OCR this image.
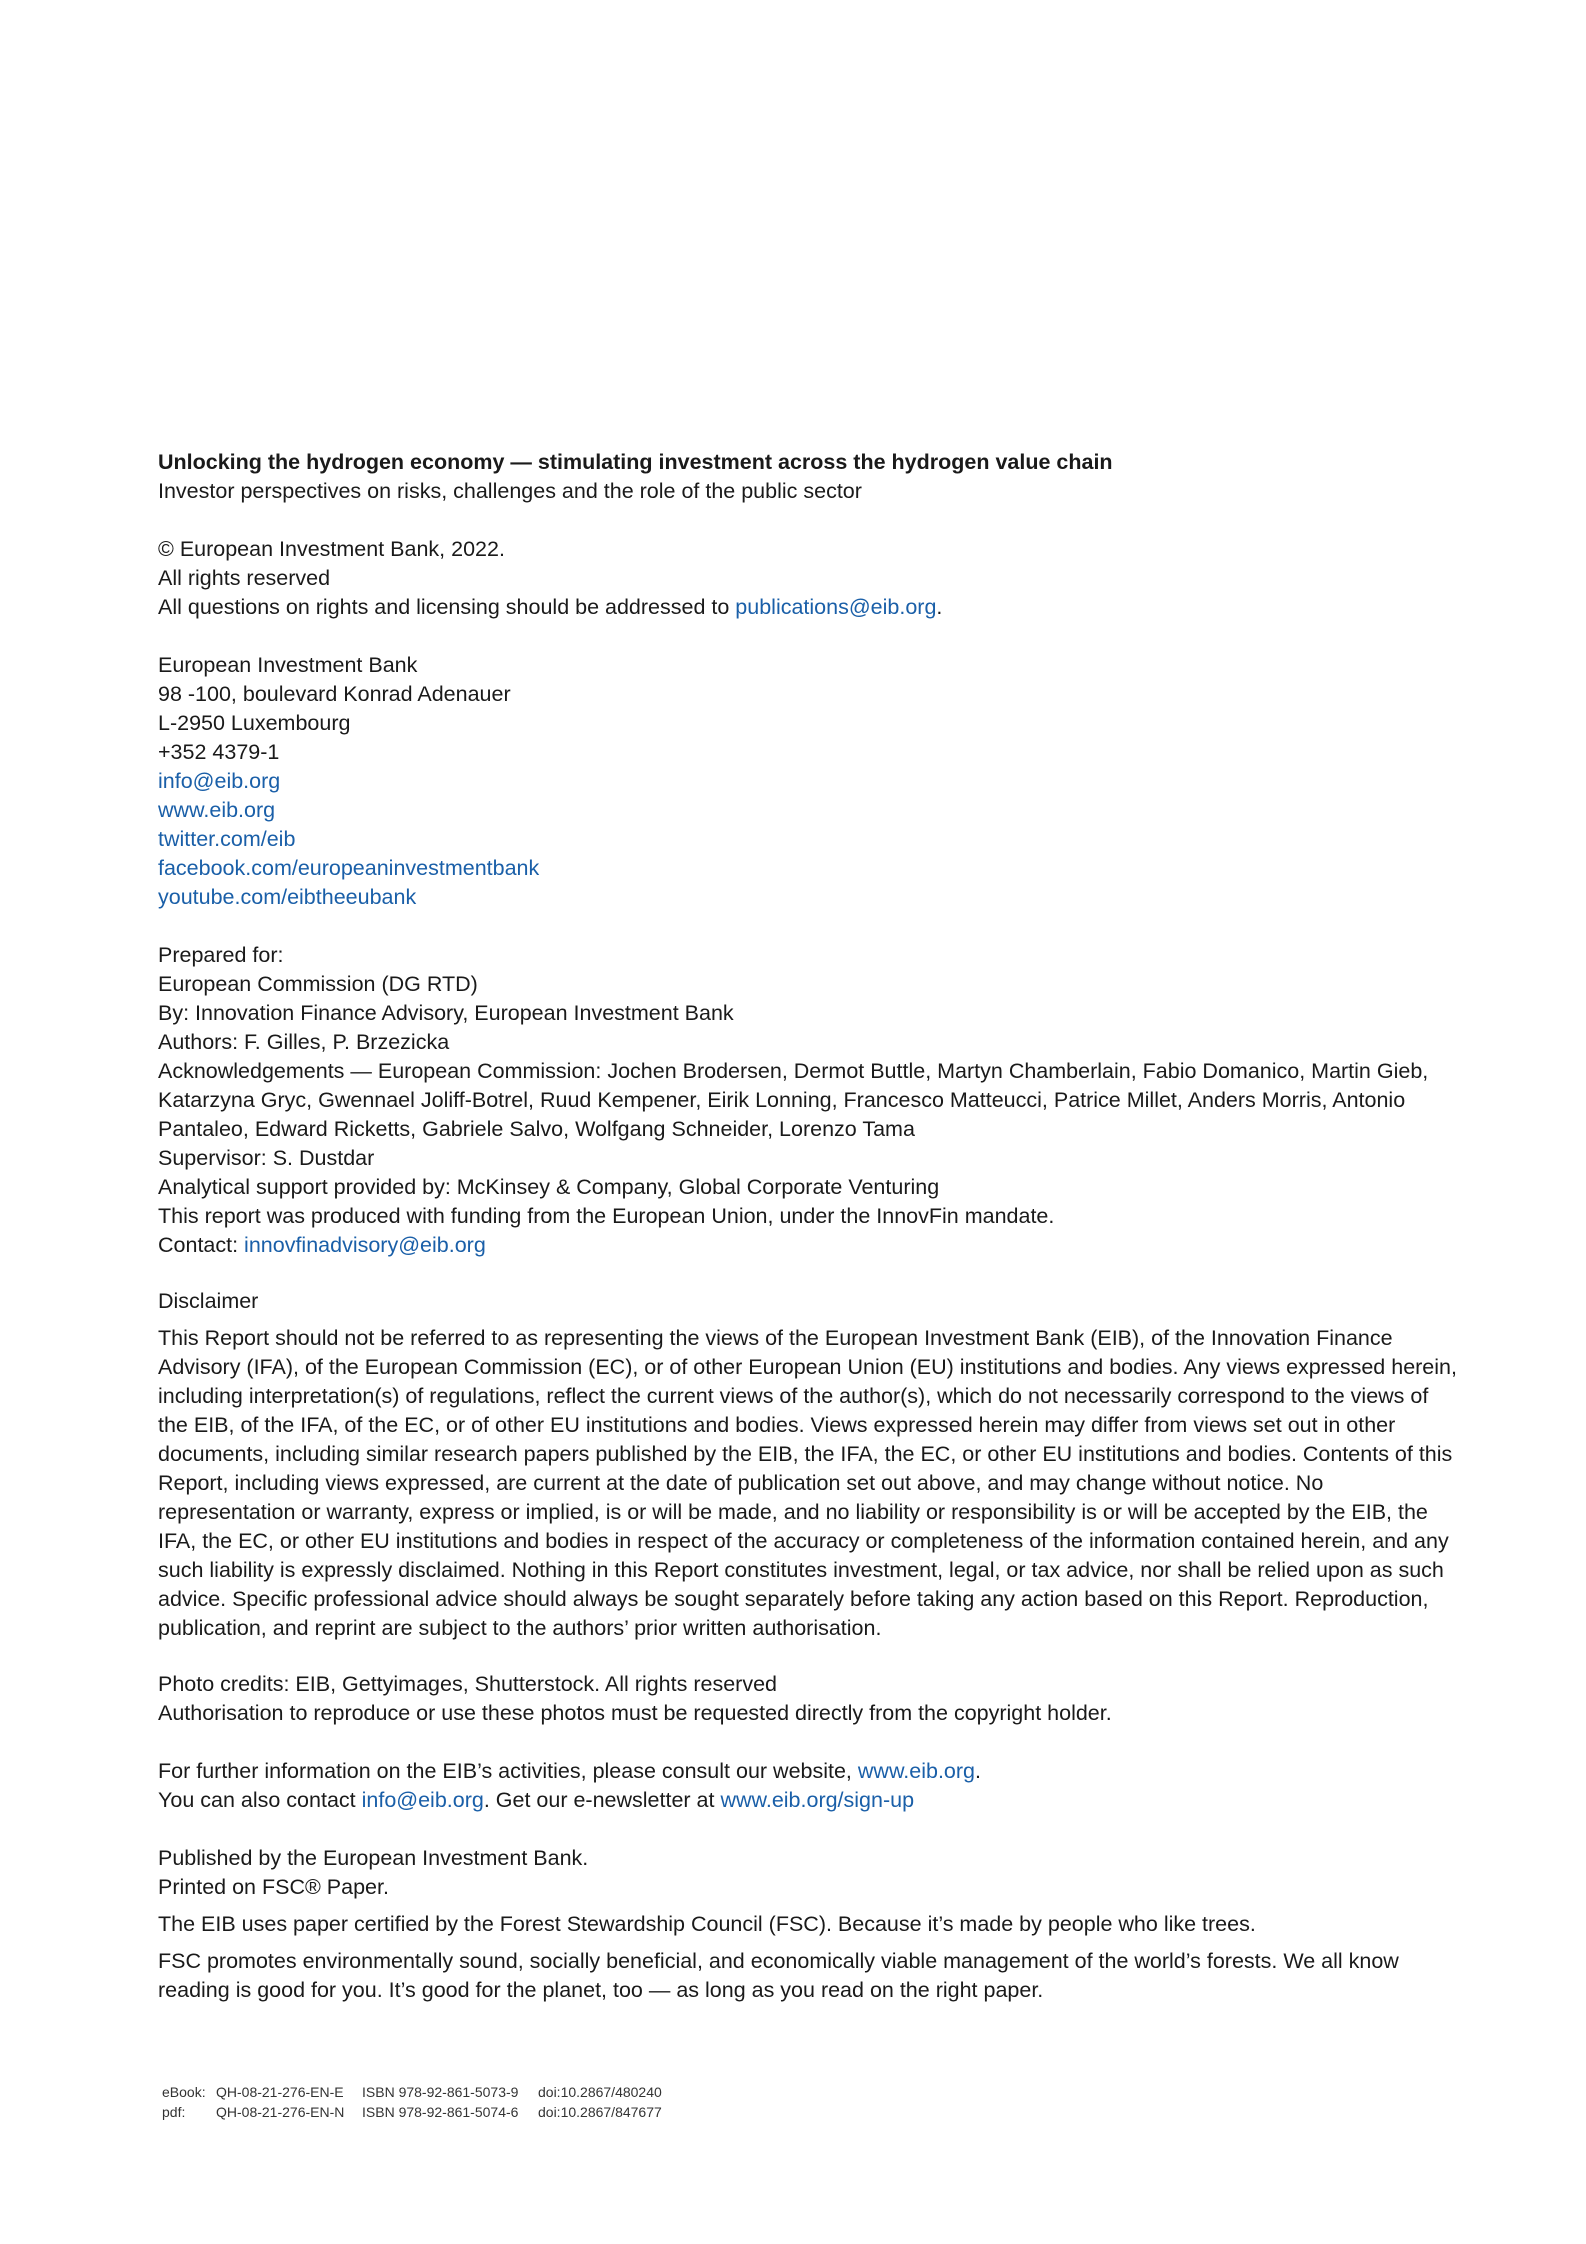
Unlocking the hydrogen economy — stimulating investment across the hydrogen value chain
Investor perspectives on risks, challenges and the role of the public sector
© European Investment Bank, 2022.
All rights reserved
All questions on rights and licensing should be addressed to publications@eib.org.
European Investment Bank
98 -100, boulevard Konrad Adenauer
L-2950 Luxembourg
+352 4379-1
info@eib.org
www.eib.org
twitter.com/eib
facebook.com/europeaninvestmentbank
youtube.com/eibtheeubank
Prepared for:
European Commission (DG RTD)
By: Innovation Finance Advisory, European Investment Bank
Authors: F. Gilles, P. Brzezicka
Acknowledgements — European Commission: Jochen Brodersen, Dermot Buttle, Martyn Chamberlain, Fabio Domanico, Martin Gieb, Katarzyna Gryc, Gwennael Joliff-Botrel, Ruud Kempener, Eirik Lonning, Francesco Matteucci, Patrice Millet, Anders Morris, Antonio Pantaleo, Edward Ricketts, Gabriele Salvo, Wolfgang Schneider, Lorenzo Tama
Supervisor: S. Dustdar
Analytical support provided by: McKinsey & Company, Global Corporate Venturing
This report was produced with funding from the European Union, under the InnovFin mandate.
Contact: innovfinadvisory@eib.org
Disclaimer
This Report should not be referred to as representing the views of the European Investment Bank (EIB), of the Innovation Finance Advisory (IFA), of the European Commission (EC), or of other European Union (EU) institutions and bodies. Any views expressed herein, including interpretation(s) of regulations, reflect the current views of the author(s), which do not necessarily correspond to the views of the EIB, of the IFA, of the EC, or of other EU institutions and bodies. Views expressed herein may differ from views set out in other documents, including similar research papers published by the EIB, the IFA, the EC, or other EU institutions and bodies. Contents of this Report, including views expressed, are current at the date of publication set out above, and may change without notice. No representation or warranty, express or implied, is or will be made, and no liability or responsibility is or will be accepted by the EIB, the IFA, the EC, or other EU institutions and bodies in respect of the accuracy or completeness of the information contained herein, and any such liability is expressly disclaimed. Nothing in this Report constitutes investment, legal, or tax advice, nor shall be relied upon as such advice. Specific professional advice should always be sought separately before taking any action based on this Report. Reproduction, publication, and reprint are subject to the authors’ prior written authorisation.
Photo credits: EIB, Gettyimages, Shutterstock. All rights reserved
Authorisation to reproduce or use these photos must be requested directly from the copyright holder.
For further information on the EIB’s activities, please consult our website, www.eib.org.
You can also contact info@eib.org. Get our e-newsletter at www.eib.org/sign-up
Published by the European Investment Bank.
Printed on FSC® Paper.
The EIB uses paper certified by the Forest Stewardship Council (FSC). Because it’s made by people who like trees.
FSC promotes environmentally sound, socially beneficial, and economically viable management of the world’s forests. We all know reading is good for you. It’s good for the planet, too — as long as you read on the right paper.
eBook: QH-08-21-276-EN-E ISBN 978-92-861-5073-9 doi:10.2867/480240
pdf: QH-08-21-276-EN-N ISBN 978-92-861-5074-6 doi:10.2867/847677
